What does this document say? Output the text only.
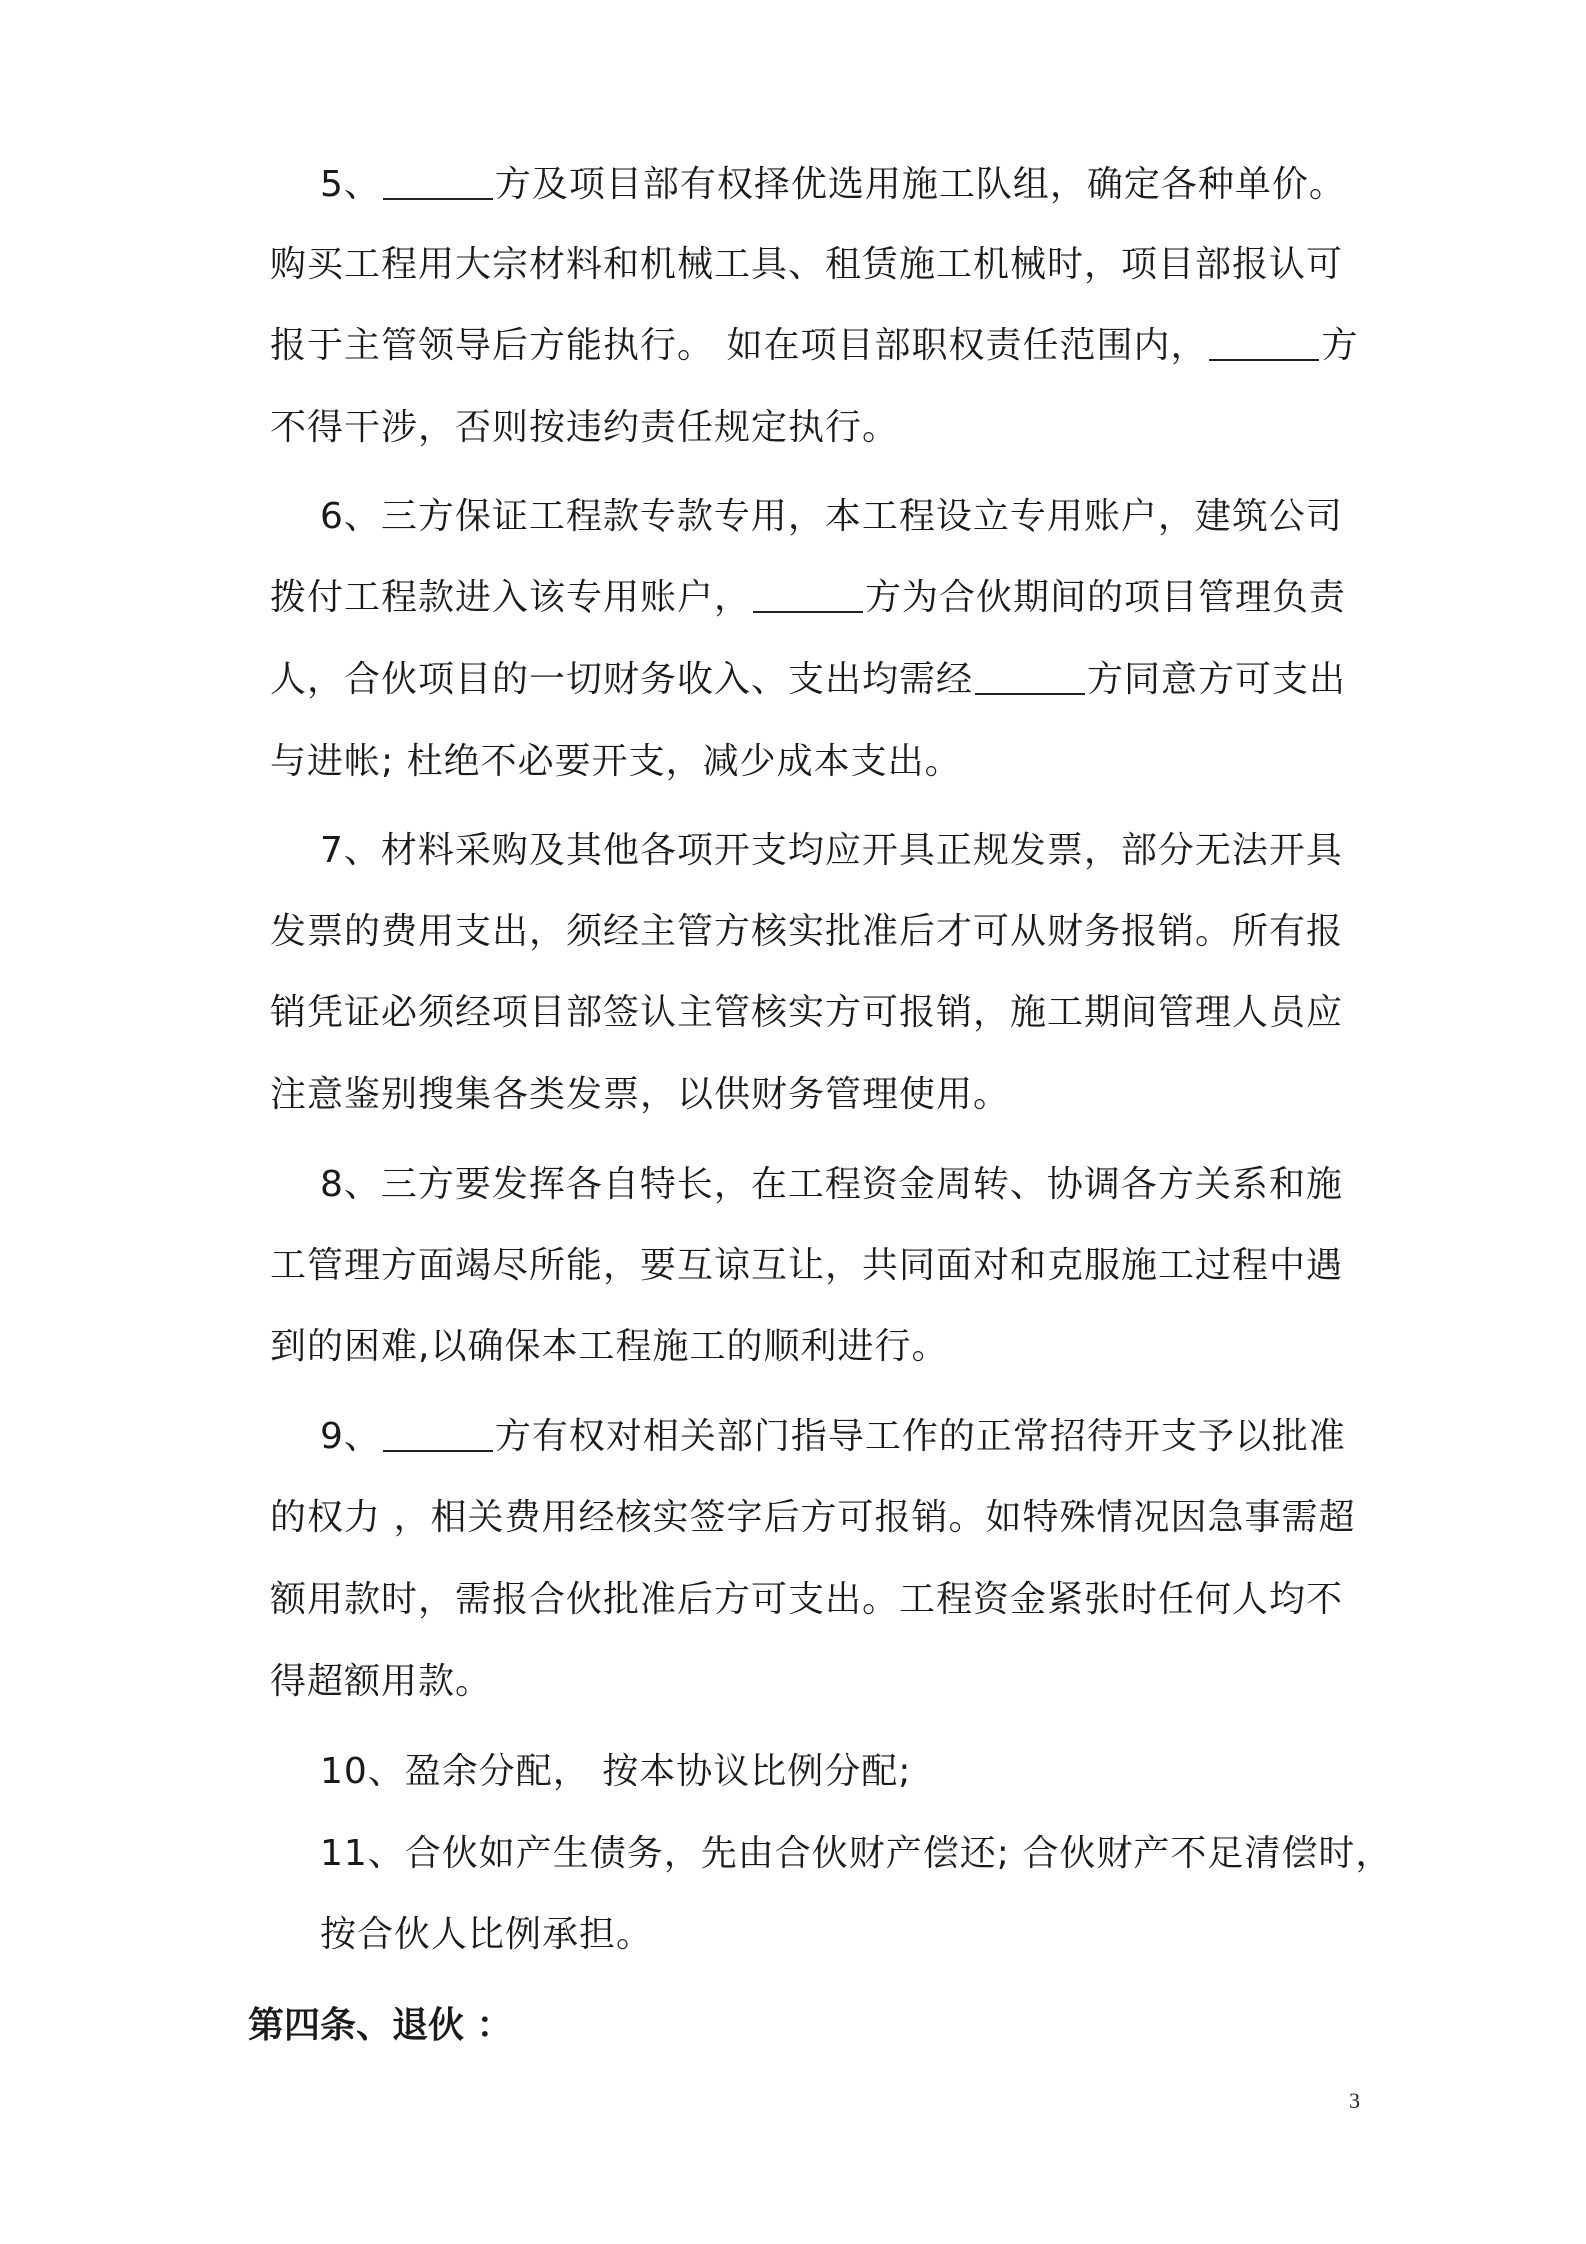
5、	方及项目部有权择优选用施工队组，确定各种单价。
购买工程用大宗材料和机械工具、租赁施工机械时，项目部报认可
报于主管领导后方能执行。 如在项目部职权责任范围内，	方
不得干涉，否则按违约责任规定执行。
6、三方保证工程款专款专用，本工程设立专用账户，建筑公司
拨付工程款进入该专用账户，	方为合伙期间的项目管理负责
人，合伙项目的一切财务收入、支出均需经	方同意方可支出
与进帐; 杜绝不必要开支，减少成本支出。
7、材料采购及其他各项开支均应开具正规发票，部分无法开具
发票的费用支出，须经主管方核实批准后才可从财务报销。所有报
销凭证必须经项目部签认主管核实方可报销，施工期间管理人员应
注意鉴别搜集各类发票，以供财务管理使用。
8、三方要发挥各自特长，在工程资金周转、协调各方关系和施
工管理方面竭尽所能，要互谅互让，共同面对和克服施工过程中遇
到的困难,以确保本工程施工的顺利进行。
9、	方有权对相关部门指导工作的正常招待开支予以批准
的权力 ，相关费用经核实签字后方可报销。如特殊情况因急事需超
额用款时，需报合伙批准后方可支出。工程资金紧张时任何人均不
得超额用款。
10、盈余分配， 按本协议比例分配;
11、合伙如产生债务，先由合伙财产偿还; 合伙财产不足清偿时，
按合伙人比例承担。
第四条、退伙 ：
3
